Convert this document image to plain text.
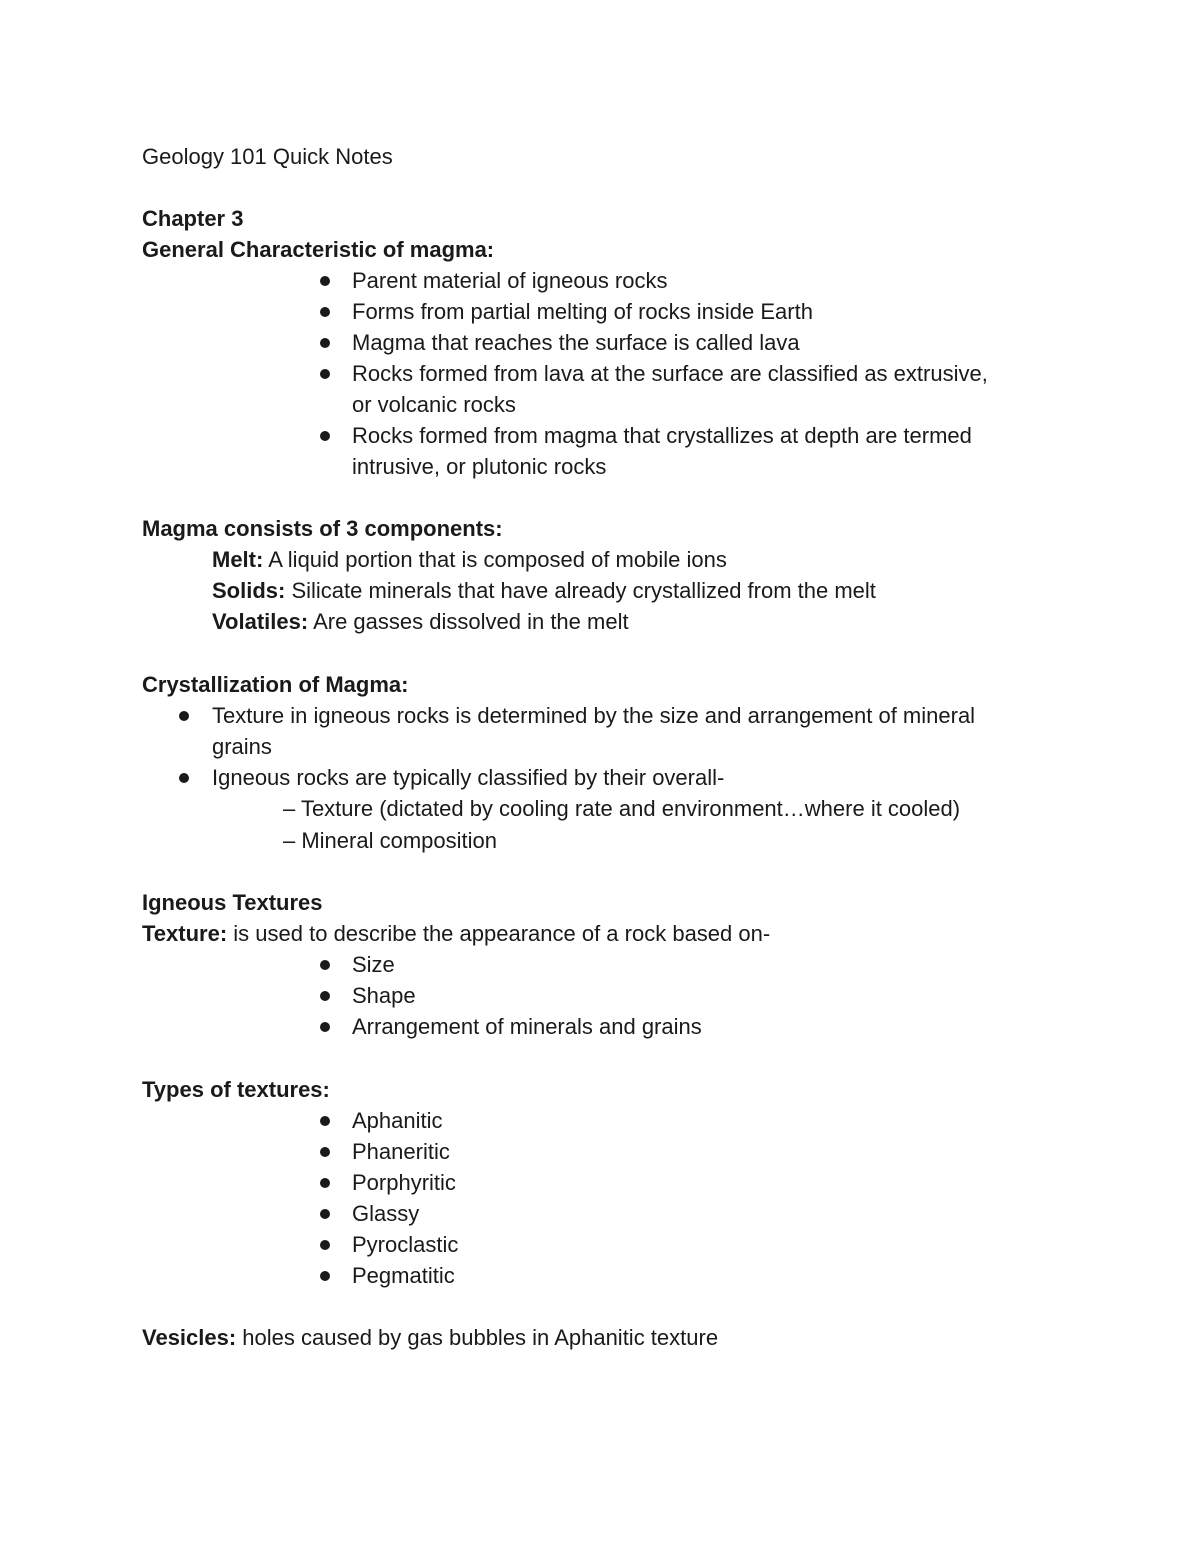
Geology 101 Quick Notes
Chapter 3
General Characteristic of magma:
Parent material of igneous rocks
Forms from partial melting of rocks inside Earth
Magma that reaches the surface is called lava
Rocks formed from lava at the surface are classified as extrusive,
or volcanic rocks
Rocks formed from magma that crystallizes at depth are termed
intrusive, or plutonic rocks
Magma consists of 3 components:
Melt: A liquid portion that is composed of mobile ions
Solids: Silicate minerals that have already crystallized from the melt
Volatiles: Are gasses dissolved in the melt
Crystallization of Magma:
Texture in igneous rocks is determined by the size and arrangement of mineral
grains
Igneous rocks are typically classified by their overall-
– Texture (dictated by cooling rate and environment…where it cooled)
– Mineral composition
Igneous Textures
Texture: is used to describe the appearance of a rock based on-
Size
Shape
Arrangement of minerals and grains
Types of textures:
Aphanitic
Phaneritic
Porphyritic
Glassy
Pyroclastic
Pegmatitic
Vesicles: holes caused by gas bubbles in Aphanitic texture
